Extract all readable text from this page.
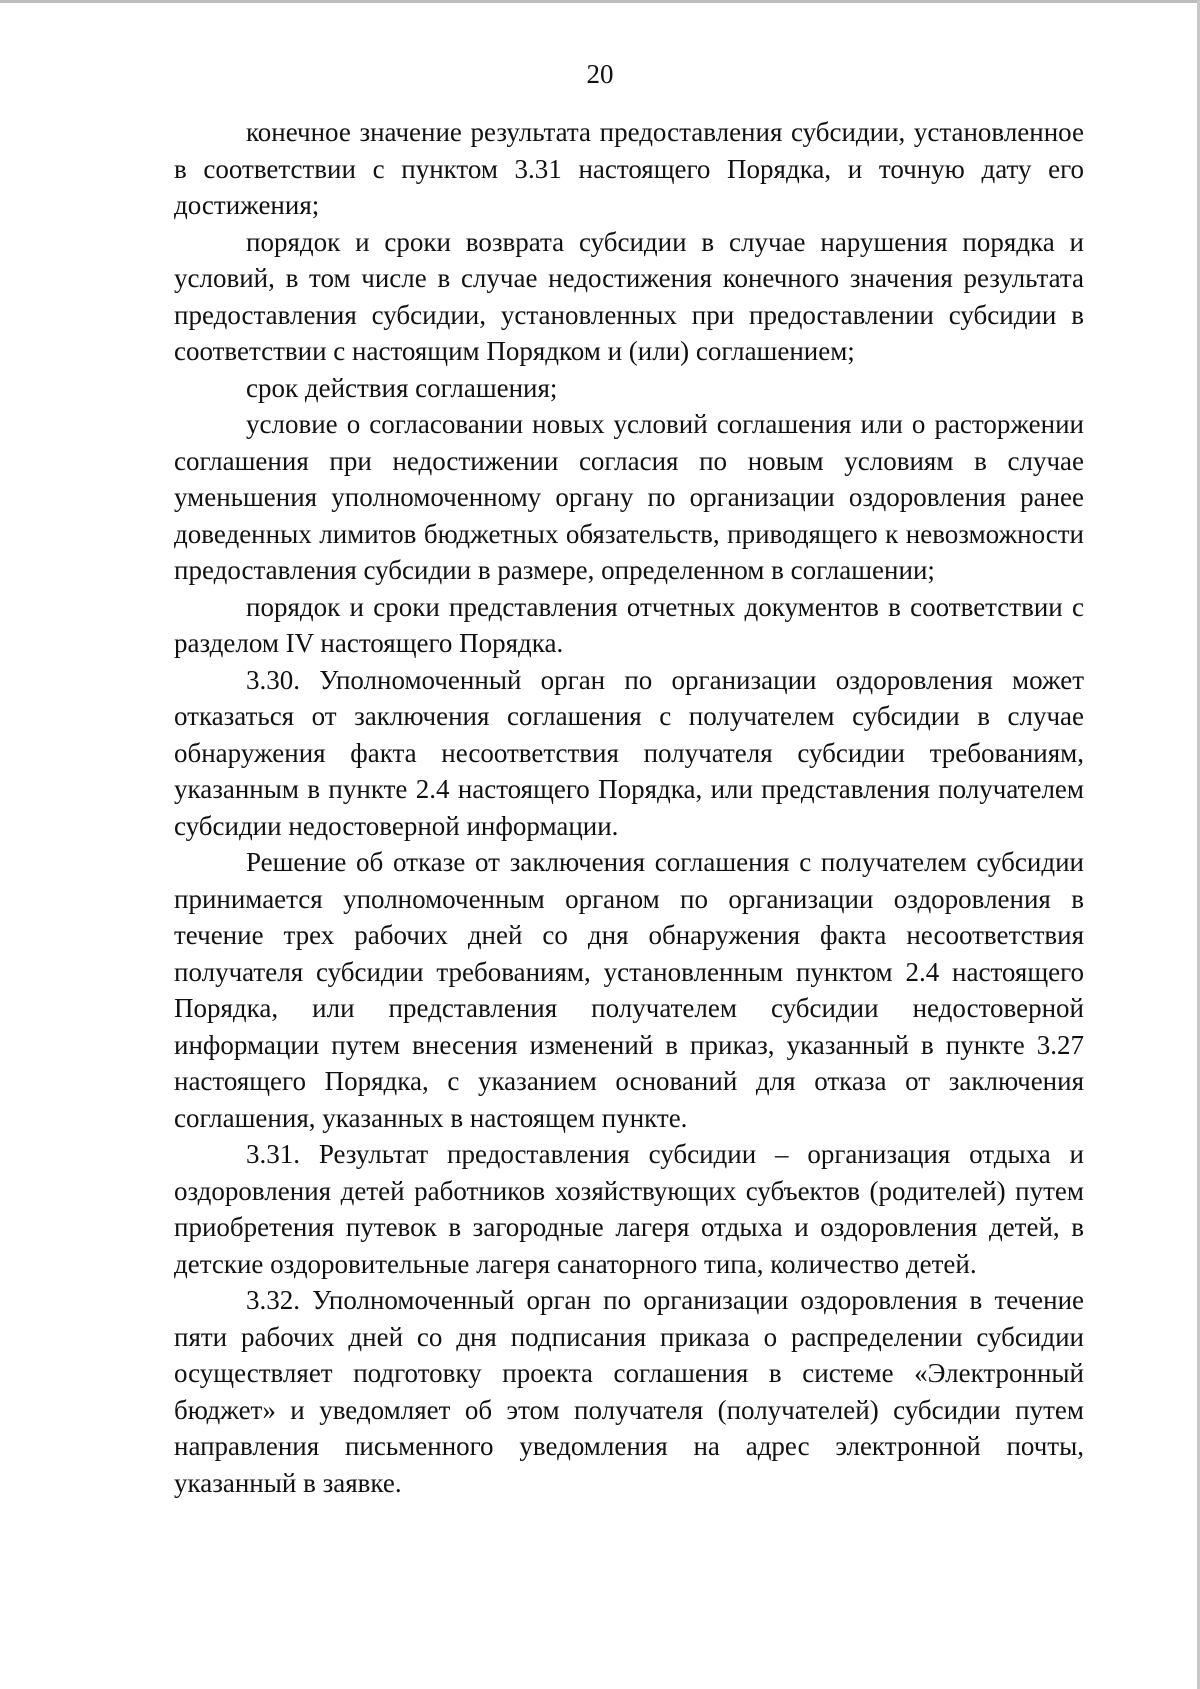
20

конечное значение результата предоставления субсидии, установленное в соответствии с пунктом 3.31 настоящего Порядка, и точную дату его достижения;

порядок и сроки возврата субсидии в случае нарушения порядка и условий, в том числе в случае недостижения конечного значения результата предоставления субсидии, установленных при предоставлении субсидии в соответствии с настоящим Порядком и (или) соглашением;

срок действия соглашения;

условие о согласовании новых условий соглашения или о расторжении соглашения при недостижении согласия по новым условиям в случае уменьшения уполномоченному органу по организации оздоровления ранее доведенных лимитов бюджетных обязательств, приводящего к невозможности предоставления субсидии в размере, определенном в соглашении;

порядок и сроки представления отчетных документов в соответствии с разделом IV настоящего Порядка.

3.30. Уполномоченный орган по организации оздоровления может отказаться от заключения соглашения с получателем субсидии в случае обнаружения факта несоответствия получателя субсидии требованиям, указанным в пункте 2.4 настоящего Порядка, или представления получателем субсидии недостоверной информации.

Решение об отказе от заключения соглашения с получателем субсидии принимается уполномоченным органом по организации оздоровления в течение трех рабочих дней со дня обнаружения факта несоответствия получателя субсидии требованиям, установленным пунктом 2.4 настоящего Порядка, или представления получателем субсидии недостоверной информации путем внесения изменений в приказ, указанный в пункте 3.27 настоящего Порядка, с указанием оснований для отказа от заключения соглашения, указанных в настоящем пункте.

3.31. Результат предоставления субсидии – организация отдыха и оздоровления детей работников хозяйствующих субъектов (родителей) путем приобретения путевок в загородные лагеря отдыха и оздоровления детей, в детские оздоровительные лагеря санаторного типа, количество детей.

3.32. Уполномоченный орган по организации оздоровления в течение пяти рабочих дней со дня подписания приказа о распределении субсидии осуществляет подготовку проекта соглашения в системе «Электронный бюджет» и уведомляет об этом получателя (получателей) субсидии путем направления письменного уведомления на адрес электронной почты, указанный в заявке.
